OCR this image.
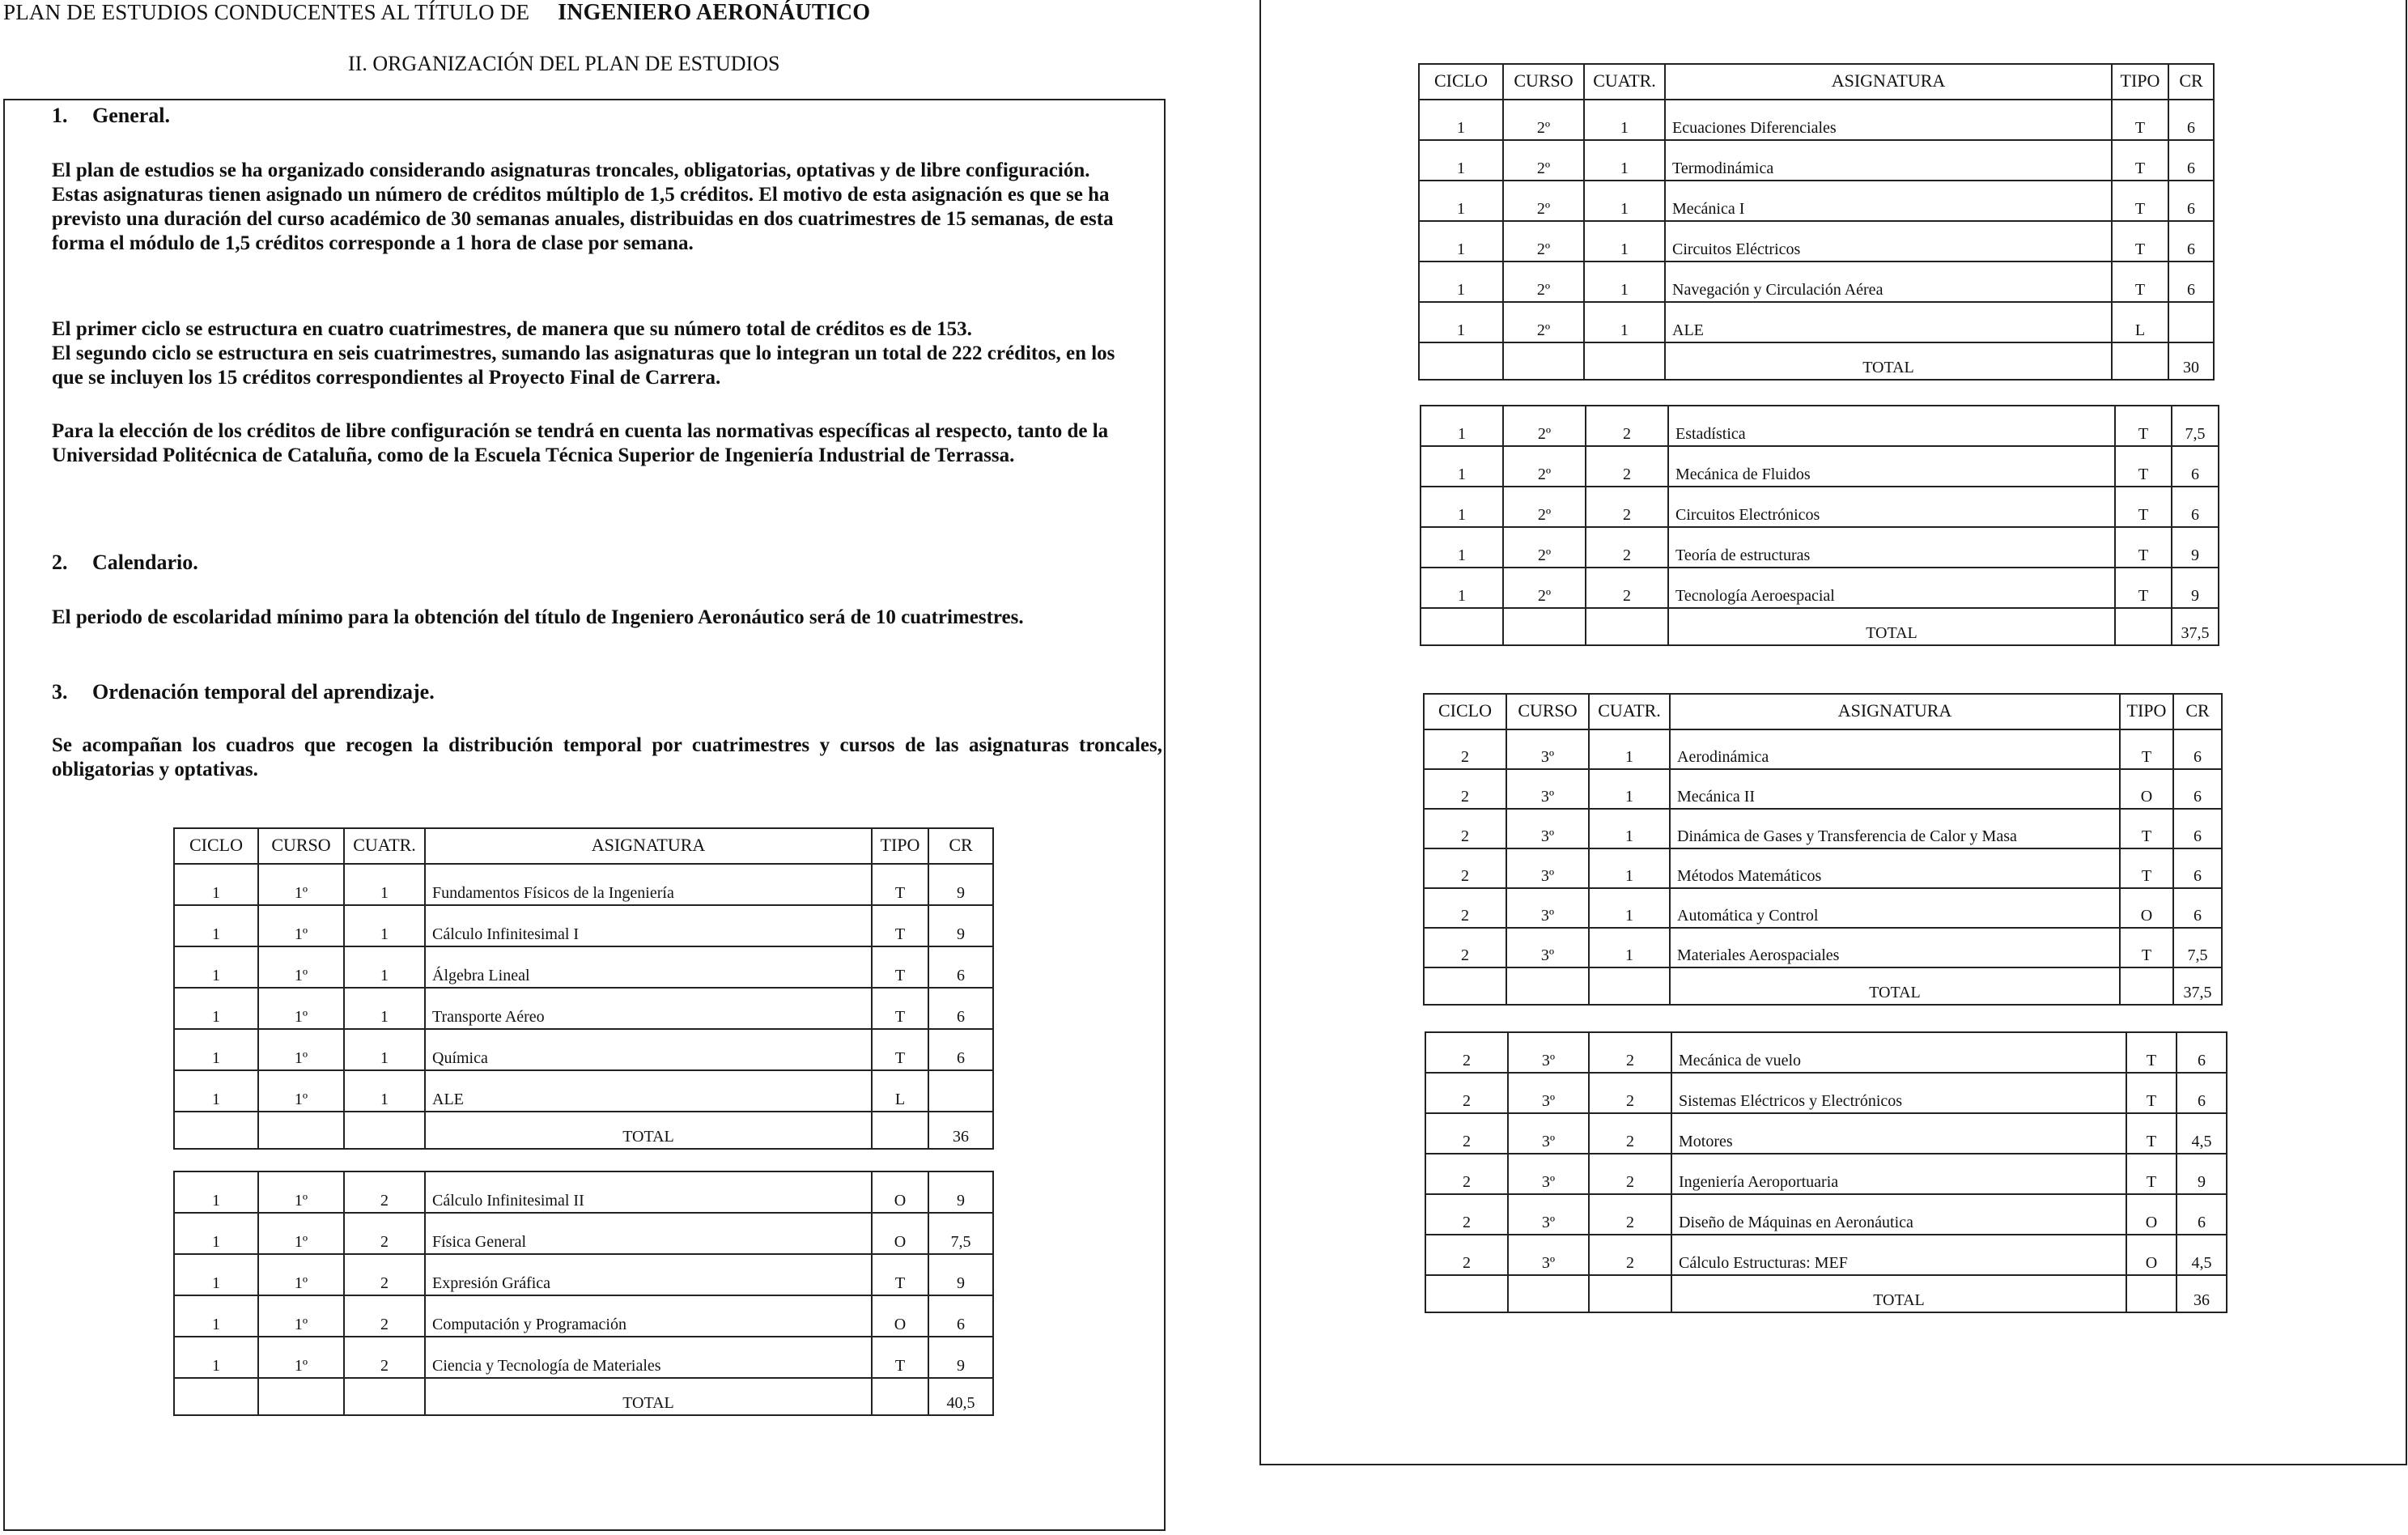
PLAN DE ESTUDIOS CONDUCENTES AL TÍTULO DE INGENIERO AERONÁUTICO
II. ORGANIZACIÓN DEL PLAN DE ESTUDIOS
1. General.
El plan de estudios se ha organizado considerando asignaturas troncales, obligatorias, optativas y de libre configuración. Estas asignaturas tienen asignado un número de créditos múltiplo de 1,5 créditos. El motivo de esta asignación es que se ha previsto una duración del curso académico de 30 semanas anuales, distribuidas en dos cuatrimestres de 15 semanas, de esta forma el módulo de 1,5 créditos corresponde a 1 hora de clase por semana.
El primer ciclo se estructura en cuatro cuatrimestres, de manera que su número total de créditos es de 153.
El segundo ciclo se estructura en seis cuatrimestres, sumando las asignaturas que lo integran un total de 222 créditos, en los que se incluyen los 15 créditos correspondientes al Proyecto Final de Carrera.
Para la elección de los créditos de libre configuración se tendrá en cuenta las normativas específicas al respecto, tanto de la Universidad Politécnica de Cataluña, como de la Escuela Técnica Superior de Ingeniería Industrial de Terrassa.
2. Calendario.
El periodo de escolaridad mínimo para la obtención del título de Ingeniero Aeronáutico será de 10 cuatrimestres.
3. Ordenación temporal del aprendizaje.
Se acompañan los cuadros que recogen la distribución temporal por cuatrimestres y cursos de las asignaturas troncales, obligatorias y optativas.
CICLO	CURSO	CUATR.	ASIGNATURA	TIPO	CR
1	1º	1	Fundamentos Físicos de la Ingeniería	T	9
1	1º	1	Cálculo Infinitesimal I	T	9
1	1º	1	Álgebra Lineal	T	6
1	1º	1	Transporte Aéreo	T	6
1	1º	1	Química	T	6
1	1º	1	ALE	L	
			TOTAL		36
1	1º	2	Cálculo Infinitesimal II	O	9
1	1º	2	Física General	O	7,5
1	1º	2	Expresión Gráfica	T	9
1	1º	2	Computación y Programación	O	6
1	1º	2	Ciencia y Tecnología de Materiales	T	9
			TOTAL		40,5
CICLO	CURSO	CUATR.	ASIGNATURA	TIPO	CR
1	2º	1	Ecuaciones Diferenciales	T	6
1	2º	1	Termodinámica	T	6
1	2º	1	Mecánica I	T	6
1	2º	1	Circuitos Eléctricos	T	6
1	2º	1	Navegación y Circulación Aérea	T	6
1	2º	1	ALE	L	
			TOTAL		30
1	2º	2	Estadística	T	7,5
1	2º	2	Mecánica de Fluidos	T	6
1	2º	2	Circuitos Electrónicos	T	6
1	2º	2	Teoría de estructuras	T	9
1	2º	2	Tecnología Aeroespacial	T	9
			TOTAL		37,5
CICLO	CURSO	CUATR.	ASIGNATURA	TIPO	CR
2	3º	1	Aerodinámica	T	6
2	3º	1	Mecánica II	O	6
2	3º	1	Dinámica de Gases y Transferencia de Calor y Masa	T	6
2	3º	1	Métodos Matemáticos	T	6
2	3º	1	Automática y Control	O	6
2	3º	1	Materiales Aerospaciales	T	7,5
			TOTAL		37,5
2	3º	2	Mecánica de vuelo	T	6
2	3º	2	Sistemas Eléctricos y Electrónicos	T	6
2	3º	2	Motores	T	4,5
2	3º	2	Ingeniería Aeroportuaria	T	9
2	3º	2	Diseño de Máquinas en Aeronáutica	O	6
2	3º	2	Cálculo Estructuras: MEF	O	4,5
			TOTAL		36
